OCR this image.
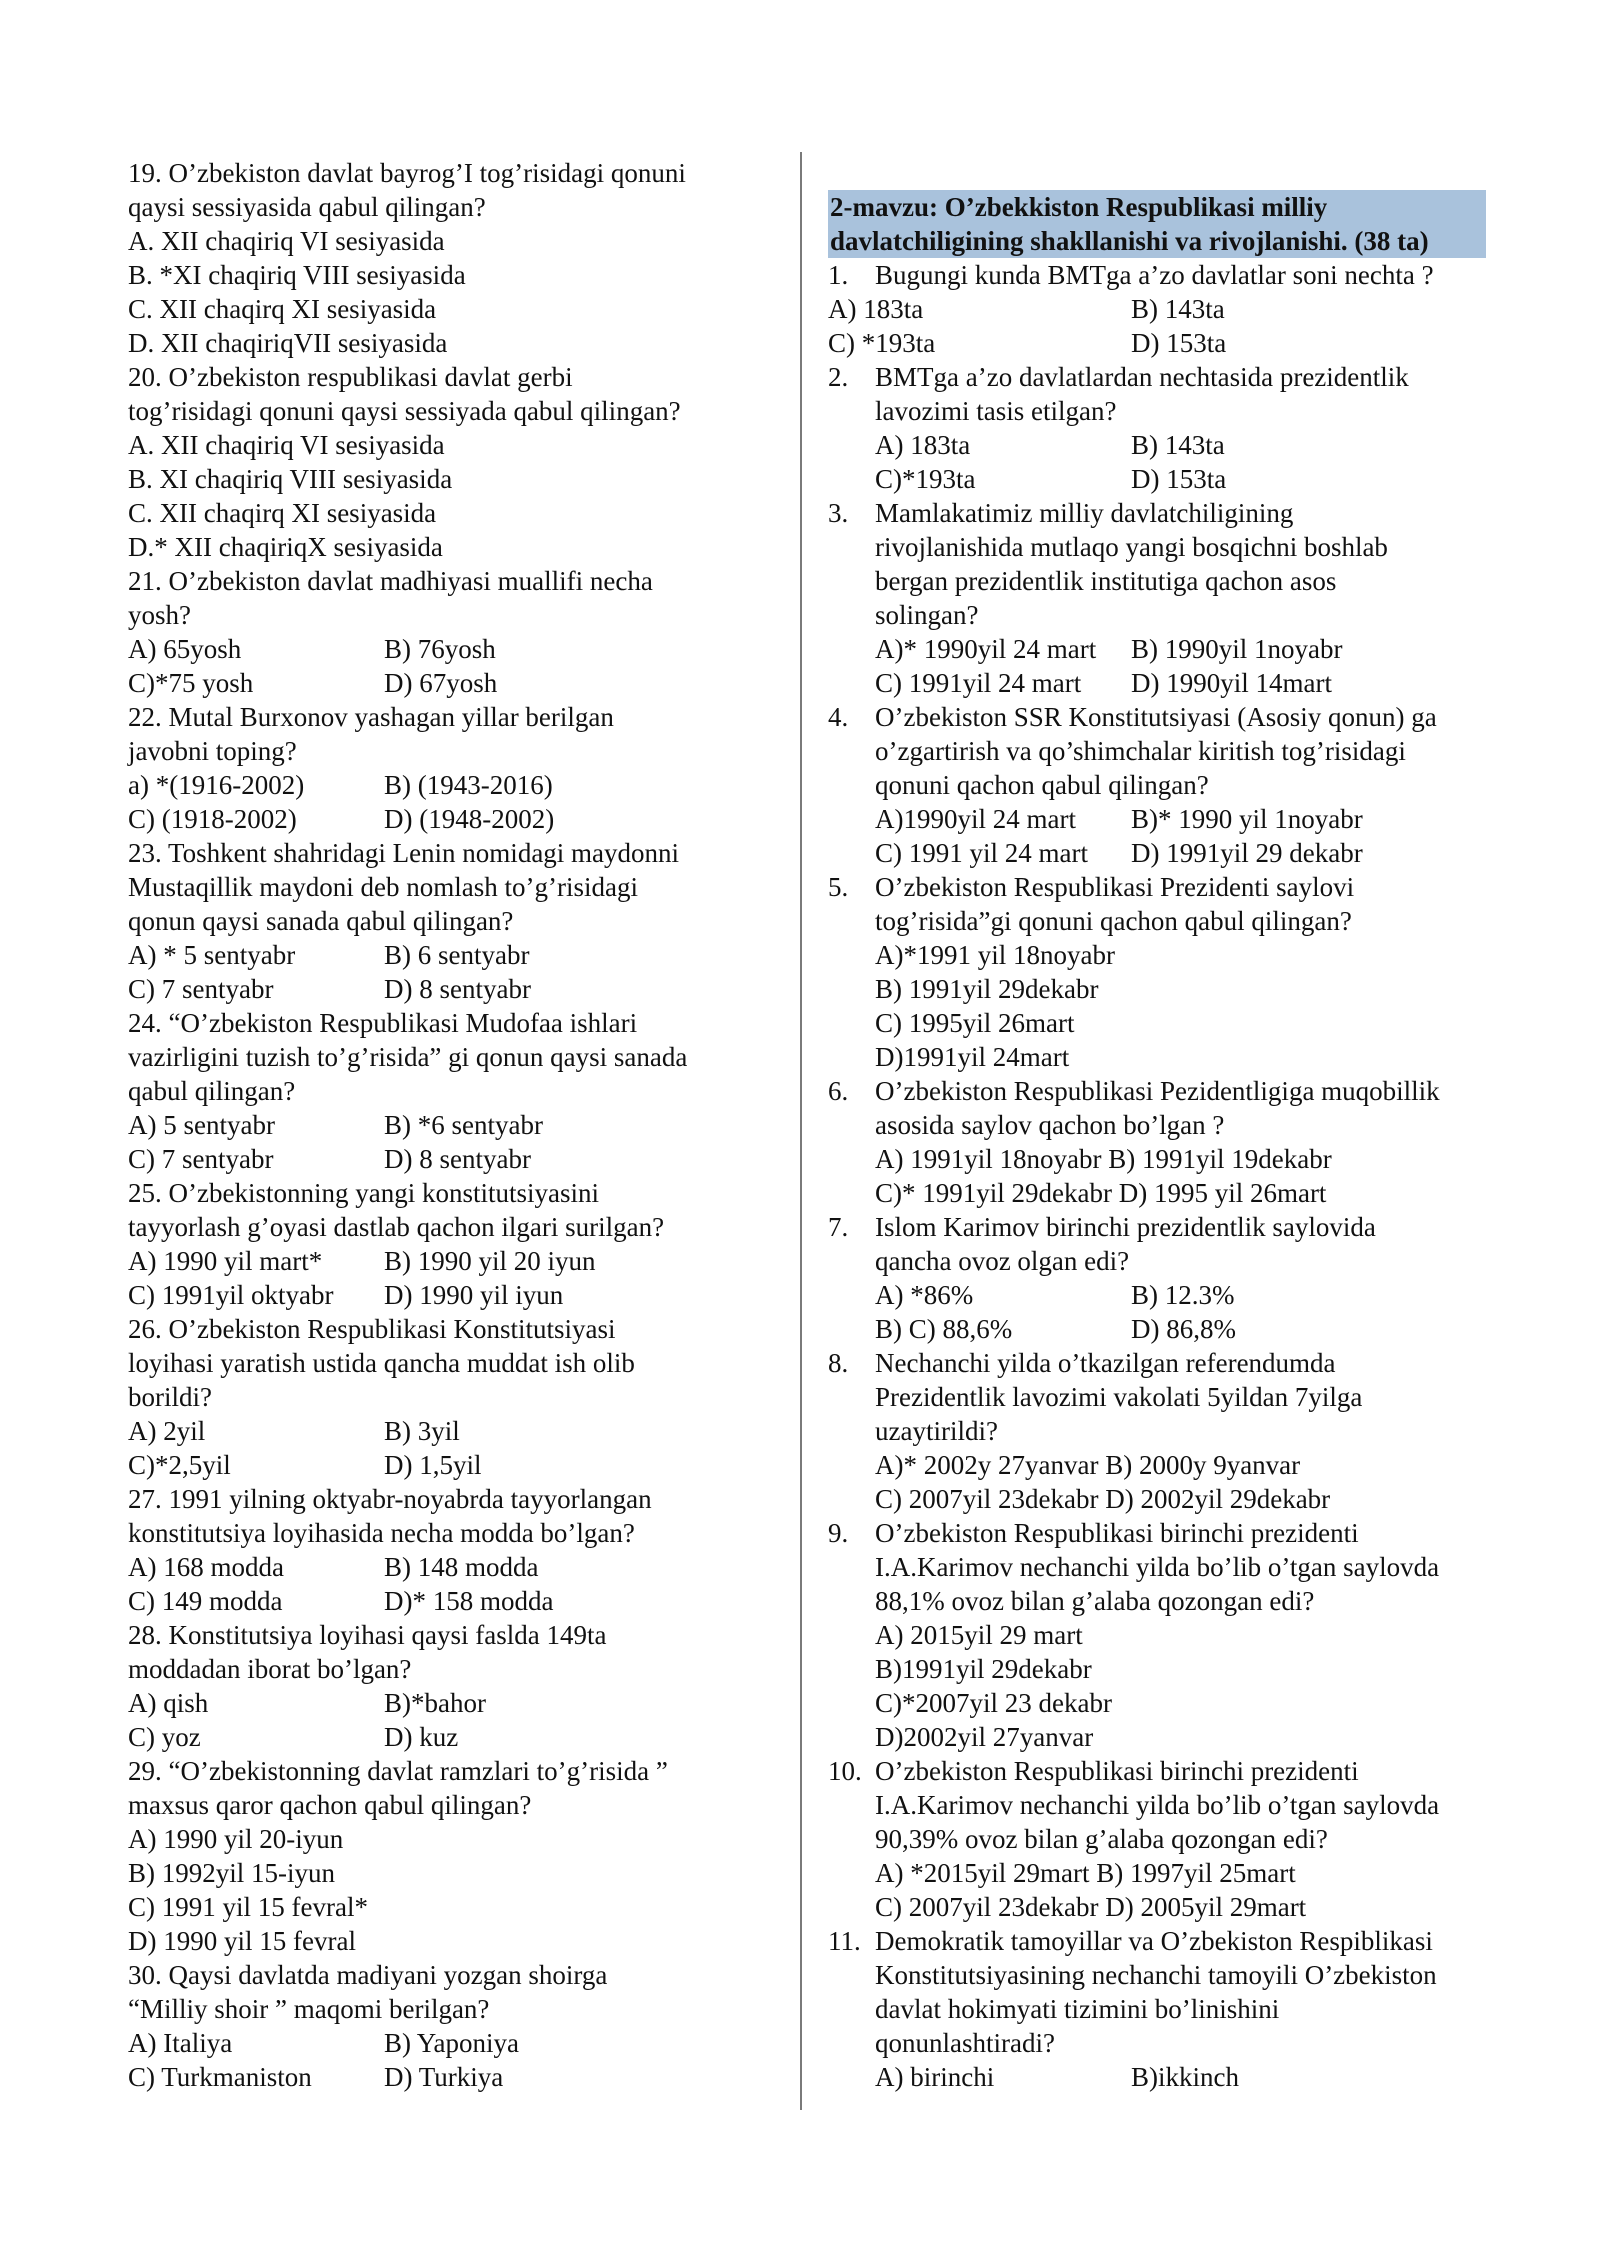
19. O’zbekiston davlat bayrog’I tog’risidagi qonuni
qaysi sessiyasida qabul qilingan?
A. XII chaqiriq VI sesiyasida
B. *XI chaqiriq VIII sesiyasida
C. XII chaqirq XI sesiyasida
D. XII chaqiriqVII sesiyasida
20. O’zbekiston respublikasi davlat gerbi
tog’risidagi qonuni qaysi sessiyada qabul qilingan?
A. XII chaqiriq VI sesiyasida
B. XI chaqiriq VIII sesiyasida
C. XII chaqirq XI sesiyasida
D.* XII chaqiriqX sesiyasida
21. O’zbekiston davlat madhiyasi muallifi necha
yosh?
A) 65yosh	B) 76yosh
C)*75 yosh	D) 67yosh
22. Mutal Burxonov yashagan yillar berilgan
javobni toping?
a) *(1916-2002)	B) (1943-2016)
C) (1918-2002)	D) (1948-2002)
23. Toshkent shahridagi Lenin nomidagi maydonni
Mustaqillik maydoni deb nomlash to’g’risidagi
qonun qaysi sanada qabul qilingan?
A) * 5 sentyabr	B) 6 sentyabr
C) 7 sentyabr	D) 8 sentyabr
24. “O’zbekiston Respublikasi Mudofaa ishlari
vazirligini tuzish to’g’risida” gi qonun qaysi sanada
qabul qilingan?
A) 5 sentyabr	B) *6 sentyabr
C) 7 sentyabr	D) 8 sentyabr
25. O’zbekistonning yangi konstitutsiyasini
tayyorlash g’oyasi dastlab qachon ilgari surilgan?
A) 1990 yil mart*	B) 1990 yil 20 iyun
C) 1991yil oktyabr	D) 1990 yil iyun
26. O’zbekiston Respublikasi Konstitutsiyasi
loyihasi yaratish ustida qancha muddat ish olib
borildi?
A) 2yil	B) 3yil
C)*2,5yil	D) 1,5yil
27. 1991 yilning oktyabr-noyabrda tayyorlangan
konstitutsiya loyihasida necha modda bo’lgan?
A) 168 modda	B) 148 modda
C) 149 modda	D)* 158 modda
28. Konstitutsiya loyihasi qaysi faslda 149ta
moddadan iborat bo’lgan?
A) qish	B)*bahor
C) yoz	D) kuz
29. “O’zbekistonning davlat ramzlari to’g’risida ”
maxsus qaror qachon qabul qilingan?
A) 1990 yil 20-iyun
B) 1992yil 15-iyun
C) 1991 yil 15 fevral*
D) 1990 yil 15 fevral
30. Qaysi davlatda madiyani yozgan shoirga
“Milliy shoir ” maqomi berilgan?
A) Italiya	B) Yaponiya
C) Turkmaniston	D) Turkiya
2-mavzu: O’zbekkiston Respublikasi milliy
davlatchiligining shakllanishi va rivojlanishi. (38 ta)
1. Bugungi kunda BMTga a’zo davlatlar soni nechta ?
A) 183ta	B) 143ta
C) *193ta	D) 153ta
2. BMTga a’zo davlatlardan nechtasida prezidentlik
lavozimi tasis etilgan?
A) 183ta	B) 143ta
C)*193ta	D) 153ta
3. Mamlakatimiz milliy davlatchiligining
rivojlanishida mutlaqo yangi bosqichni boshlab
bergan prezidentlik institutiga qachon asos
solingan?
A)* 1990yil 24 mart	B) 1990yil 1noyabr
C) 1991yil 24 mart	D) 1990yil 14mart
4. O’zbekiston SSR Konstitutsiyasi (Asosiy qonun) ga
o’zgartirish va qo’shimchalar kiritish tog’risidagi
qonuni qachon qabul qilingan?
A)1990yil 24 mart	B)* 1990 yil 1noyabr
C) 1991 yil 24 mart	D) 1991yil 29 dekabr
5. O’zbekiston Respublikasi Prezidenti saylovi
tog’risida”gi qonuni qachon qabul qilingan?
A)*1991 yil 18noyabr
B) 1991yil 29dekabr
C) 1995yil 26mart
D)1991yil 24mart
6. O’zbekiston Respublikasi Pezidentligiga muqobillik
asosida saylov qachon bo’lgan ?
A) 1991yil 18noyabr B) 1991yil 19dekabr
C)* 1991yil 29dekabr D) 1995 yil 26mart
7. Islom Karimov birinchi prezidentlik saylovida
qancha ovoz olgan edi?
A) *86%	B) 12.3%
B) C) 88,6%	D) 86,8%
8. Nechanchi yilda o’tkazilgan referendumda
Prezidentlik lavozimi vakolati 5yildan 7yilga
uzaytirildi?
A)* 2002y 27yanvar B) 2000y 9yanvar
C) 2007yil 23dekabr D) 2002yil 29dekabr
9. O’zbekiston Respublikasi birinchi prezidenti
I.A.Karimov nechanchi yilda bo’lib o’tgan saylovda
88,1% ovoz bilan g’alaba qozongan edi?
A) 2015yil 29 mart
B)1991yil 29dekabr
C)*2007yil 23 dekabr
D)2002yil 27yanvar
10. O’zbekiston Respublikasi birinchi prezidenti
I.A.Karimov nechanchi yilda bo’lib o’tgan saylovda
90,39% ovoz bilan g’alaba qozongan edi?
A) *2015yil 29mart B) 1997yil 25mart
C) 2007yil 23dekabr D) 2005yil 29mart
11. Demokratik tamoyillar va O’zbekiston Respiblikasi
Konstitutsiyasining nechanchi tamoyili O’zbekiston
davlat hokimyati tizimini bo’linishini
qonunlashtiradi?
A) birinchi	B)ikkinch
